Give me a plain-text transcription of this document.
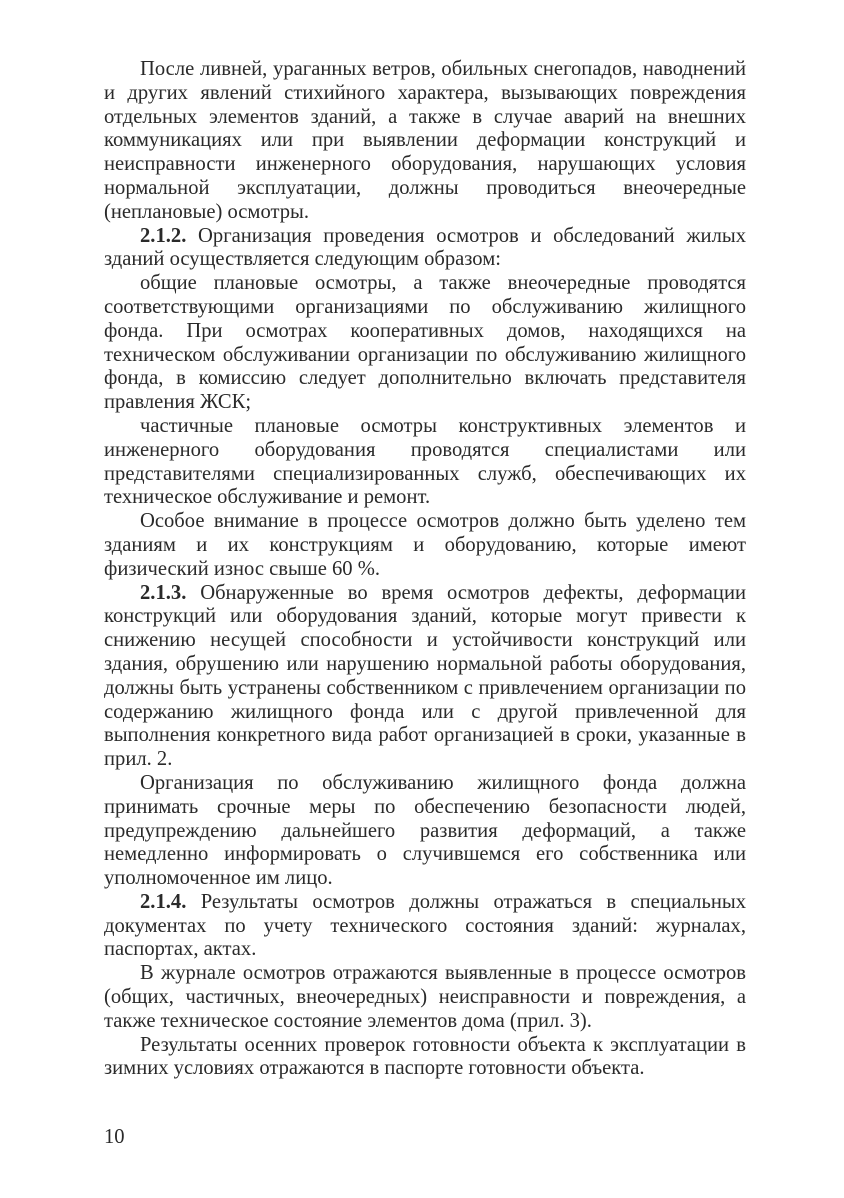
После ливней, ураганных ветров, обильных снегопадов, наводнений и других явлений стихийного характера, вызывающих повреждения отдельных элементов зданий, а также в случае аварий на внешних коммуникациях или при выявлении деформации конструкций и неисправности инженерного оборудования, нарушающих условия нормальной эксплуатации, должны проводиться внеочередные (неплановые) осмотры.

2.1.2. Организация проведения осмотров и обследований жилых зданий осуществляется следующим образом:

общие плановые осмотры, а также внеочередные проводятся соответствующими организациями по обслуживанию жилищного фонда. При осмотрах кооперативных домов, находящихся на техническом обслуживании организации по обслуживанию жилищного фонда, в комиссию следует дополнительно включать представителя правления ЖСК;

частичные плановые осмотры конструктивных элементов и инженерного оборудования проводятся специалистами или представителями специализированных служб, обеспечивающих их техническое обслуживание и ремонт.

Особое внимание в процессе осмотров должно быть уделено тем зданиям и их конструкциям и оборудованию, которые имеют физический износ свыше 60 %.

2.1.3. Обнаруженные во время осмотров дефекты, деформации конструкций или оборудования зданий, которые могут привести к снижению несущей способности и устойчивости конструкций или здания, обрушению или нарушению нормальной работы оборудования, должны быть устранены собственником с привлечением организации по содержанию жилищного фонда или с другой привлеченной для выполнения конкретного вида работ организацией в сроки, указанные в прил. 2.

Организация по обслуживанию жилищного фонда должна принимать срочные меры по обеспечению безопасности людей, предупреждению дальнейшего развития деформаций, а также немедленно информировать о случившемся его собственника или уполномоченное им лицо.

2.1.4. Результаты осмотров должны отражаться в специальных документах по учету технического состояния зданий: журналах, паспортах, актах.

В журнале осмотров отражаются выявленные в процессе осмотров (общих, частичных, внеочередных) неисправности и повреждения, а также техническое состояние элементов дома (прил. 3).

Результаты осенних проверок готовности объекта к эксплуатации в зимних условиях отражаются в паспорте готовности объекта.

10
